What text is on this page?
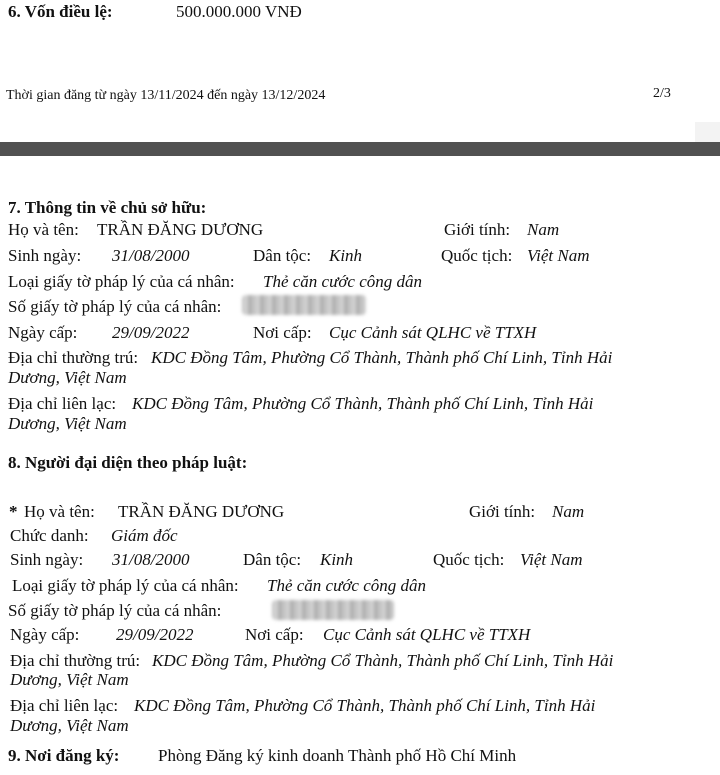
6. Vốn điều lệ:	500.000.000 VNĐ
Thời gian đăng từ ngày 13/11/2024 đến ngày 13/12/2024	2/3
7. Thông tin về chủ sở hữu:
Họ và tên: TRẦN ĐĂNG DƯƠNG	Giới tính: Nam
Sinh ngày: 31/08/2000	Dân tộc: Kinh	Quốc tịch: Việt Nam
Loại giấy tờ pháp lý của cá nhân: Thẻ căn cước công dân
Số giấy tờ pháp lý của cá nhân:
Ngày cấp: 29/09/2022	Nơi cấp: Cục Cảnh sát QLHC về TTXH
Địa chỉ thường trú: KDC Đồng Tâm, Phường Cổ Thành, Thành phố Chí Linh, Tỉnh Hải
Dương, Việt Nam
Địa chỉ liên lạc: KDC Đồng Tâm, Phường Cổ Thành, Thành phố Chí Linh, Tỉnh Hải
Dương, Việt Nam
8. Người đại diện theo pháp luật:
* Họ và tên: TRẦN ĐĂNG DƯƠNG	Giới tính: Nam
Chức danh: Giám đốc
Sinh ngày: 31/08/2000	Dân tộc: Kinh	Quốc tịch: Việt Nam
Loại giấy tờ pháp lý của cá nhân: Thẻ căn cước công dân
Số giấy tờ pháp lý của cá nhân:
Ngày cấp: 29/09/2022	Nơi cấp: Cục Cảnh sát QLHC về TTXH
Địa chỉ thường trú: KDC Đồng Tâm, Phường Cổ Thành, Thành phố Chí Linh, Tỉnh Hải
Dương, Việt Nam
Địa chỉ liên lạc: KDC Đồng Tâm, Phường Cổ Thành, Thành phố Chí Linh, Tỉnh Hải
Dương, Việt Nam
9. Nơi đăng ký: Phòng Đăng ký kinh doanh Thành phố Hồ Chí Minh
